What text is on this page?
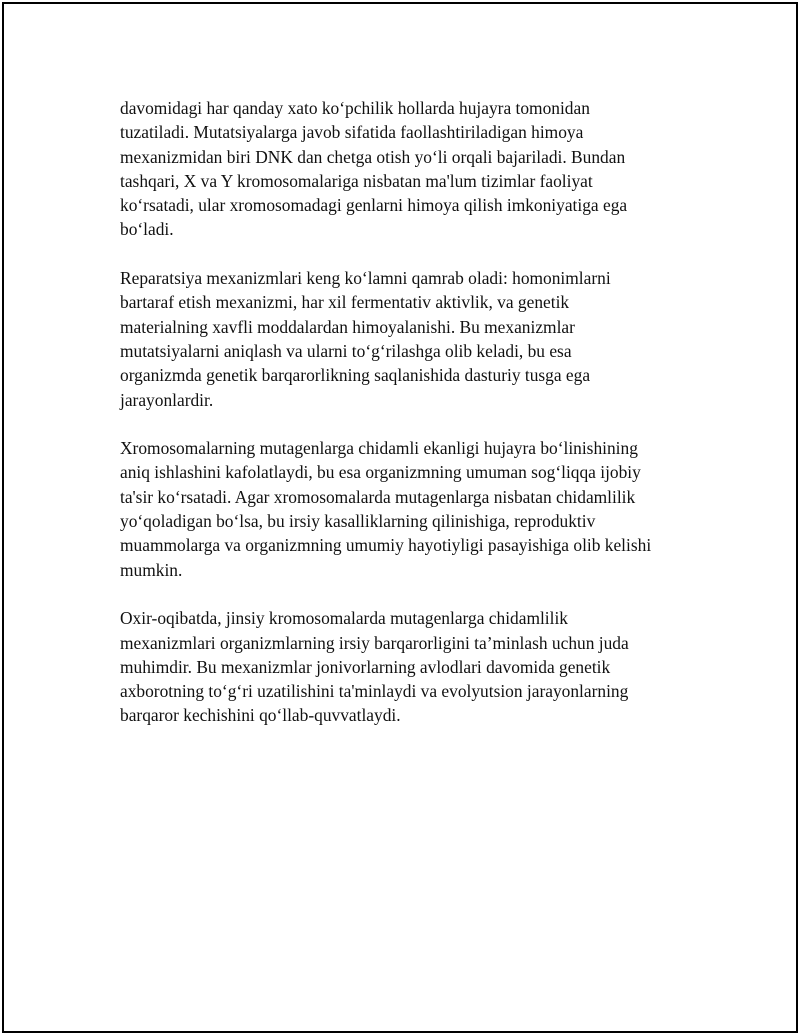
davomidagi har qanday xato ko‘pchilik hollarda hujayra tomonidan
tuzatiladi. Mutatsiyalarga javob sifatida faollashtiriladigan himoya
mexanizmidan biri DNK dan chetga otish yo‘li orqali bajariladi. Bundan
tashqari, X va Y kromosomalariga nisbatan ma'lum tizimlar faoliyat
ko‘rsatadi, ular xromosomadagi genlarni himoya qilish imkoniyatiga ega
bo‘ladi.

Reparatsiya mexanizmlari keng ko‘lamni qamrab oladi: homonimlarni
bartaraf etish mexanizmi, har xil fermentativ aktivlik, va genetik
materialning xavfli moddalardan himoyalanishi. Bu mexanizmlar
mutatsiyalarni aniqlash va ularni to‘g‘rilashga olib keladi, bu esa
organizmda genetik barqarorlikning saqlanishida dasturiy tusga ega
jarayonlardir.

Xromosomalarning mutagenlarga chidamli ekanligi hujayra bo‘linishining
aniq ishlashini kafolatlaydi, bu esa organizmning umuman sog‘liqqa ijobiy
ta'sir ko‘rsatadi. Agar xromosomalarda mutagenlarga nisbatan chidamlilik
yo‘qoladigan bo‘lsa, bu irsiy kasalliklarning qilinishiga, reproduktiv
muammolarga va organizmning umumiy hayotiyligi pasayishiga olib kelishi
mumkin.

Oxir-oqibatda, jinsiy kromosomalarda mutagenlarga chidamlilik
mexanizmlari organizmlarning irsiy barqarorligini ta’minlash uchun juda
muhimdir. Bu mexanizmlar jonivorlarning avlodlari davomida genetik
axborotning to‘g‘ri uzatilishini ta'minlaydi va evolyutsion jarayonlarning
barqaror kechishini qo‘llab-quvvatlaydi.
